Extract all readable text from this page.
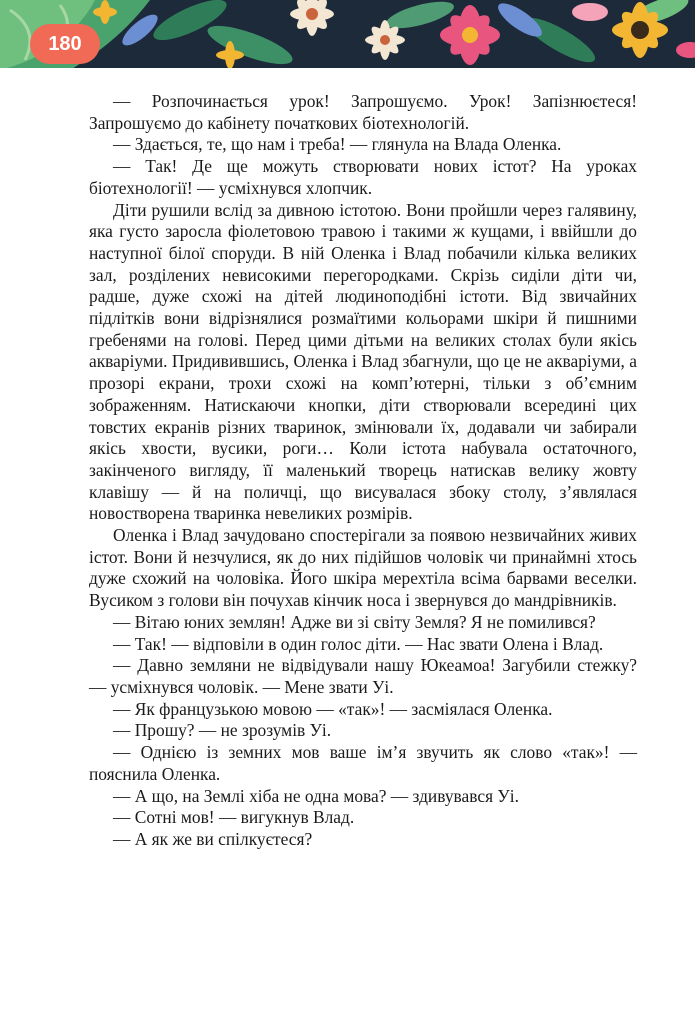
180

— Розпочинається урок! Запрошуємо. Урок! Запізнюєтеся! Запрошуємо до кабінету початкових біотехнологій.

— Здається, те, що нам і треба! — глянула на Влада Оленка.

— Так! Де ще можуть створювати нових істот? На уроках біотехнології! — усміхнувся хлопчик.

Діти рушили вслід за дивною істотою. Вони пройшли через галявину, яка густо заросла фіолетовою травою і такими ж кущами, і ввійшли до наступної білої споруди. В ній Оленка і Влад побачили кілька великих зал, розділених невисокими перегородками. Скрізь сиділи діти чи, радше, дуже схожі на дітей людиноподібні істоти. Від звичайних підлітків вони відрізнялися розмаїтими кольорами шкіри й пишними гребенями на голові. Перед цими дітьми на великих столах були якісь акваріуми. Придивившись, Оленка і Влад збагнули, що це не акваріуми, а прозорі екрани, трохи схожі на комп’ютерні, тільки з об’ємним зображенням. Натискаючи кнопки, діти створювали всередині цих товстих екранів різних тваринок, змінювали їх, додавали чи забирали якісь хвости, вусики, роги… Коли істота набувала остаточного, закінченого вигляду, її маленький творець натискав велику жовту клавішу — й на поличці, що висувалася збоку столу, з’являлася новостворена тваринка невеликих розмірів.

Оленка і Влад зачудовано спостерігали за появою незвичайних живих істот. Вони й незчулися, як до них підійшов чоловік чи принаймні хтось дуже схожий на чоловіка. Його шкіра мерехтіла всіма барвами веселки. Вусиком з голови він почухав кінчик носа і звернувся до мандрівників.

— Вітаю юних землян! Адже ви зі світу Земля? Я не помилився?

— Так! — відповіли в один голос діти. — Нас звати Олена і Влад.

— Давно земляни не відвідували нашу Юкеамоа! Загубили стежку? — усміхнувся чоловік. — Мене звати Уі.

— Як французькою мовою — «так»! — засміялася Оленка.

— Прошу? — не зрозумів Уі.

— Однією із земних мов ваше ім’я звучить як слово «так»! — пояснила Оленка.

— А що, на Землі хіба не одна мова? — здивувався Уі.

— Сотні мов! — вигукнув Влад.

— А як же ви спілкуєтеся?
